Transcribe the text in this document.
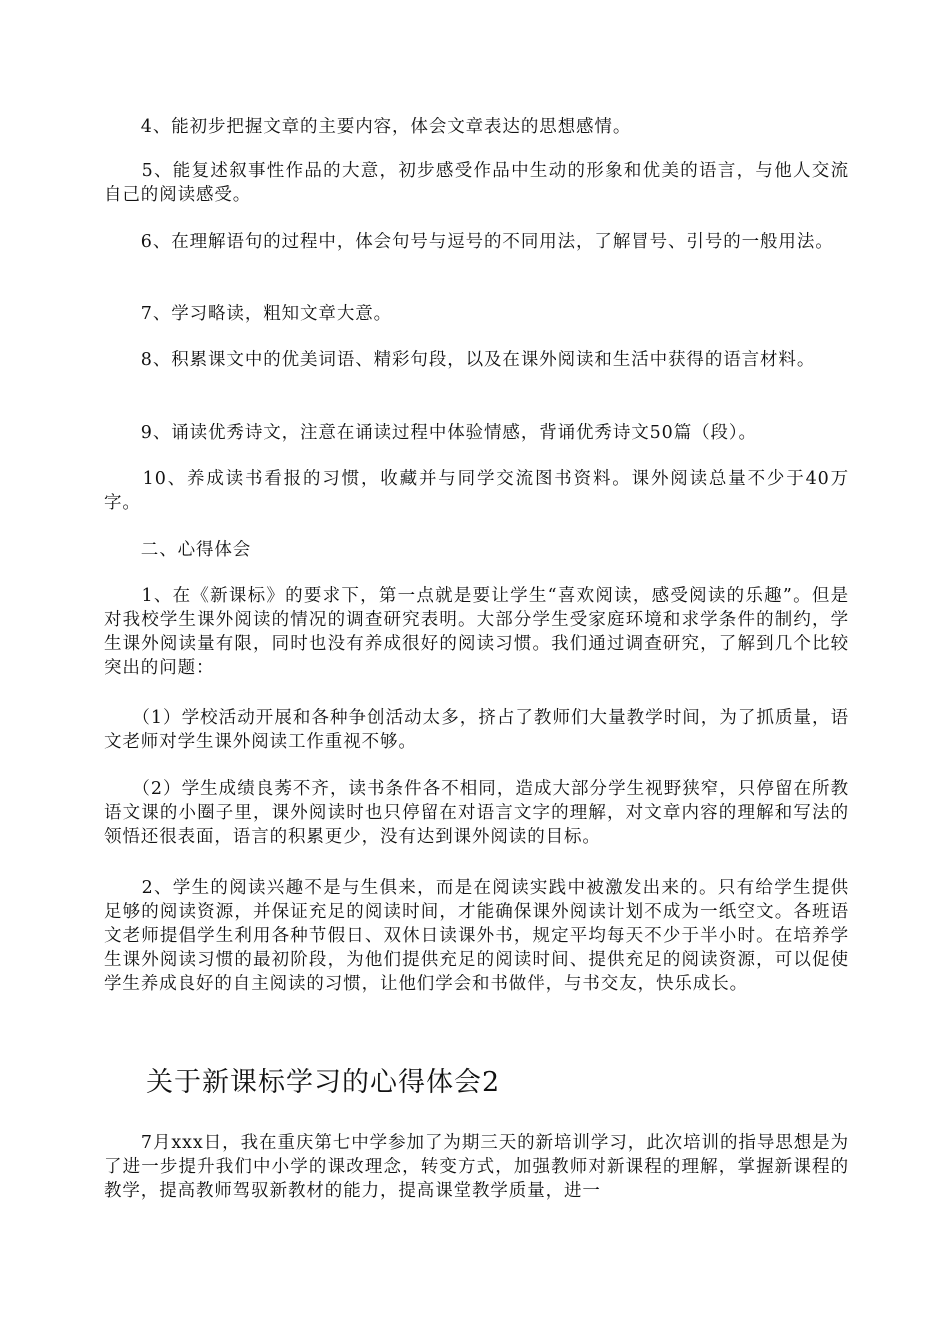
　　4、能初步把握文章的主要内容，体会文章表达的思想感情。

　　5、能复述叙事性作品的大意，初步感受作品中生动的形象和优美的语言，与他人交流自己的阅读感受。

　　6、在理解语句的过程中，体会句号与逗号的不同用法，了解冒号、引号的一般用法。

　　7、学习略读，粗知文章大意。

　　8、积累课文中的优美词语、精彩句段，以及在课外阅读和生活中获得的语言材料。

　　9、诵读优秀诗文，注意在诵读过程中体验情感，背诵优秀诗文50篇（段）。

　　10、养成读书看报的习惯，收藏并与同学交流图书资料。课外阅读总量不少于40万字。

　　二、心得体会

　　1、在《新课标》的要求下，第一点就是要让学生“喜欢阅读，感受阅读的乐趣”。但是对我校学生课外阅读的情况的调查研究表明。大部分学生受家庭环境和求学条件的制约，学生课外阅读量有限，同时也没有养成很好的阅读习惯。我们通过调查研究，了解到几个比较突出的问题：

　　（1）学校活动开展和各种争创活动太多，挤占了教师们大量教学时间，为了抓质量，语文老师对学生课外阅读工作重视不够。

　　（2）学生成绩良莠不齐，读书条件各不相同，造成大部分学生视野狭窄，只停留在所教语文课的小圈子里，课外阅读时也只停留在对语言文字的理解，对文章内容的理解和写法的领悟还很表面，语言的积累更少，没有达到课外阅读的目标。

　　2、学生的阅读兴趣不是与生俱来，而是在阅读实践中被激发出来的。只有给学生提供足够的阅读资源，并保证充足的阅读时间，才能确保课外阅读计划不成为一纸空文。各班语文老师提倡学生利用各种节假日、双休日读课外书，规定平均每天不少于半小时。在培养学生课外阅读习惯的最初阶段，为他们提供充足的阅读时间、提供充足的阅读资源，可以促使学生养成良好的自主阅读的习惯，让他们学会和书做伴，与书交友，快乐成长。

关于新课标学习的心得体会2

　　7月xxx日，我在重庆第七中学参加了为期三天的新培训学习，此次培训的指导思想是为了进一步提升我们中小学的课改理念，转变方式，加强教师对新课程的理解，掌握新课程的教学，提高教师驾驭新教材的能力，提高课堂教学质量，进一
